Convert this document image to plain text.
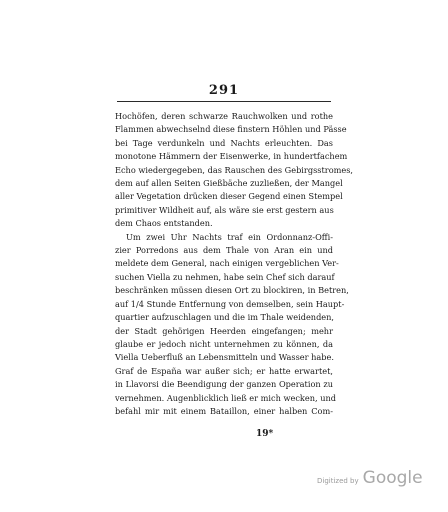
291
Hochöfen, deren schwarze Rauchwolken und rothe
Flammen abwechselnd diese finstern Höhlen und Pässe
bei Tage verdunkeln und Nachts erleuchten. Das
monotone Hämmern der Eisenwerke, in hundertfachem
Echo wiedergegeben, das Rauschen des Gebirgsstromes,
dem auf allen Seiten Gießbäche zuzließen, der Mangel
aller Vegetation drücken dieser Gegend einen Stempel
primitiver Wildheit auf, als wäre sie erst gestern aus
dem Chaos entstanden.
Um zwei Uhr Nachts traf ein Ordonnanz-Offi-
zier Porredons aus dem Thale von Aran ein und
meldete dem General, nach einigen vergeblichen Ver-
suchen Viella zu nehmen, habe sein Chef sich darauf
beschränken müssen diesen Ort zu blockiren, in Betren,
auf 1/4 Stunde Entfernung von demselben, sein Haupt-
quartier aufzuschlagen und die im Thale weidenden,
der Stadt gehörigen Heerden eingefangen; mehr
glaube er jedoch nicht unternehmen zu können, da
Viella Ueberfluß an Lebensmitteln und Wasser habe.
Graf de España war außer sich; er hatte erwartet,
in Llavorsi die Beendigung der ganzen Operation zu
vernehmen. Augenblicklich ließ er mich wecken, und
befahl mir mit einem Bataillon, einer halben Com-
19*
Digitized by Google
